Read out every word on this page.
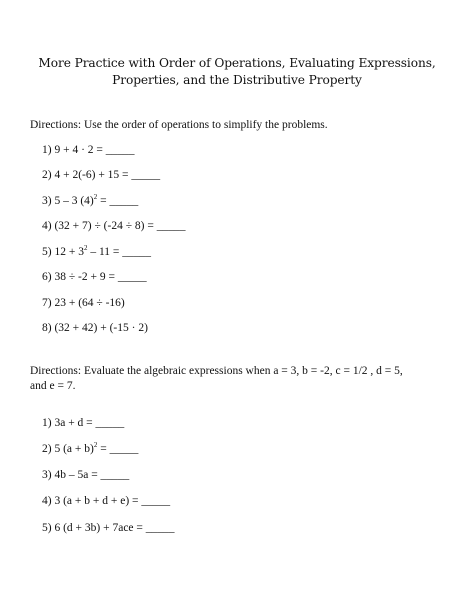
More Practice with Order of Operations, Evaluating Expressions,
Properties, and the Distributive Property
Directions: Use the order of operations to simplify the problems.
1) 9 + 4 · 2 = _____
2) 4 + 2(-6) + 15 = _____
3) 5 – 3 $(4)^2$ = _____
4) (32 + 7) ÷ (-24 ÷ 8) = _____
5) $12 + 3^2 - 11$ = _____
6) 38 ÷ -2 + 9 = _____
7) 23 + (64 ÷ -16)
8) (32 + 42) + (-15 · 2)
Directions: Evaluate the algebraic expressions when a = 3, b = -2, c = 1/2 , d = 5, and e = 7.
1) 3a + d = _____
2) 5 $(a + b)^2$ = _____
3) 4b – 5a = _____
4) 3 (a + b + d + e) = _____
5) 6 (d + 3b) + 7ace = _____
